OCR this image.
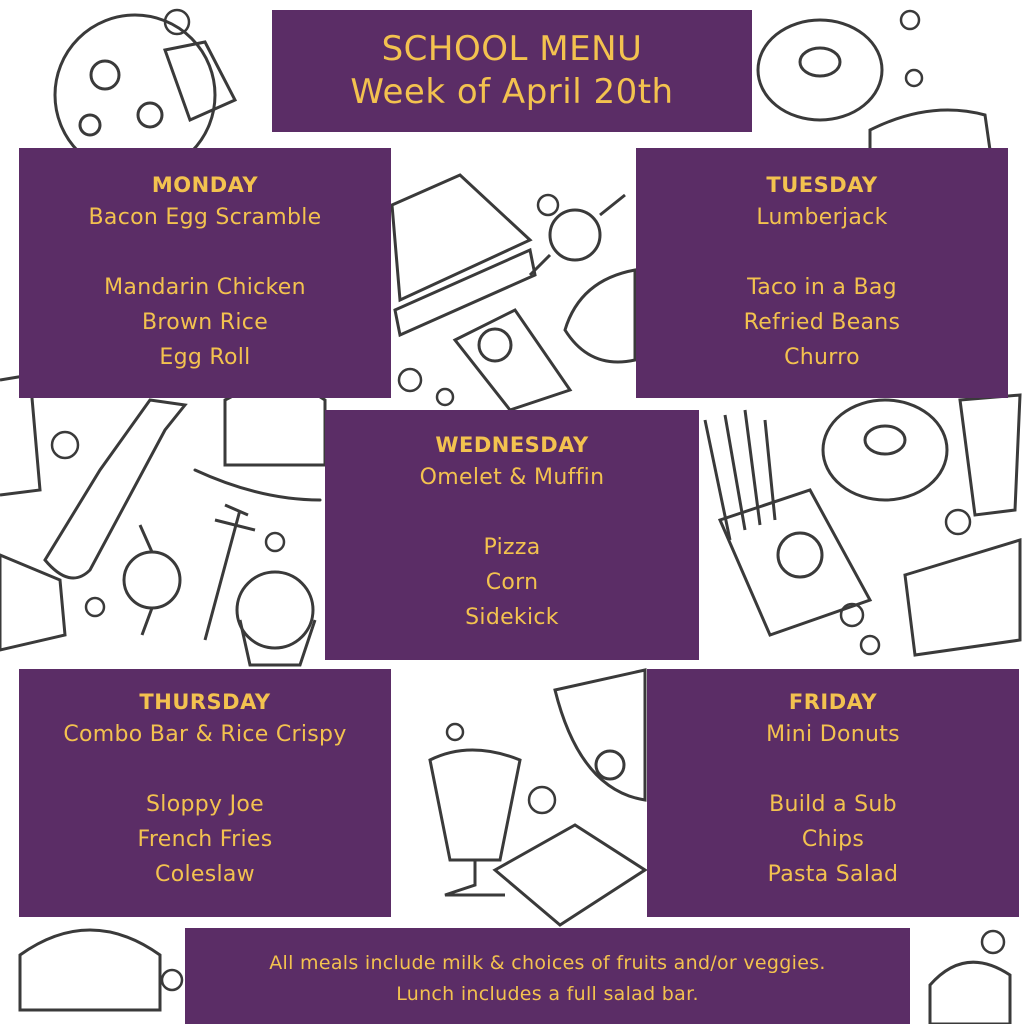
SCHOOL MENU
Week of April 20th
MONDAY
Bacon Egg Scramble
Mandarin Chicken
Brown Rice
Egg Roll
TUESDAY
Lumberjack
Taco in a Bag
Refried Beans
Churro
WEDNESDAY
Omelet & Muffin
Pizza
Corn
Sidekick
THURSDAY
Combo Bar & Rice Crispy
Sloppy Joe
French Fries
Coleslaw
FRIDAY
Mini Donuts
Build a Sub
Chips
Pasta Salad
All meals include milk & choices of fruits and/or veggies.
Lunch includes a full salad bar.
